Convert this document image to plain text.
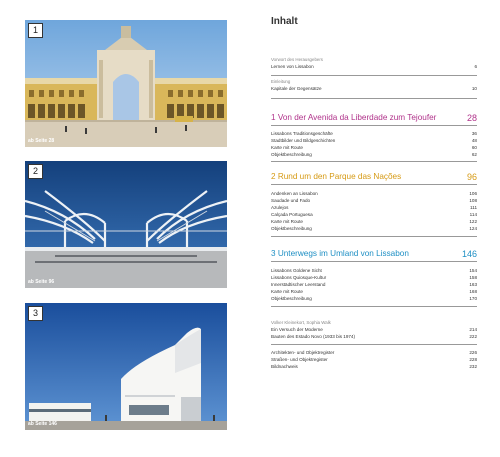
1
ab Seite 28
2
ab Seite 96
3
ab Seite 146
Inhalt
Vorwort des Herausgebers
Lernen von Lissabon	6
Einleitung
Kapitale der Gegensätze	10
1 Von der Avenida da Liberdade zum Tejoufer	28
Lissabons Traditionsgeschäfte	36
Stadtbilder und Bildgeschichten	48
Karte mit Route	60
Objektbeschreibung	62
2 Rund um den Parque das Nações	96
Andenken an Lissabon	106
Saudade und Fado	108
Azulejos	111
Calçada Portuguesa	114
Karte mit Route	122
Objektbeschreibung	124
3 Unterwegs im Umland von Lissabon	146
Lissabons Goldene Sicht	154
Lissabons Quiosque-Kultur	158
Innerstädtischer Leerstand	163
Karte mit Route	168
Objektbeschreibung	170
Volker Kleinekort, Sophia Walk
Ein Versuch der Moderne	214
Bauten des Estado Novo (1933 bis 1974)	222
Architekten- und Objektregister	226
Straßen- und Objektregister	228
Bildnachweis	232
